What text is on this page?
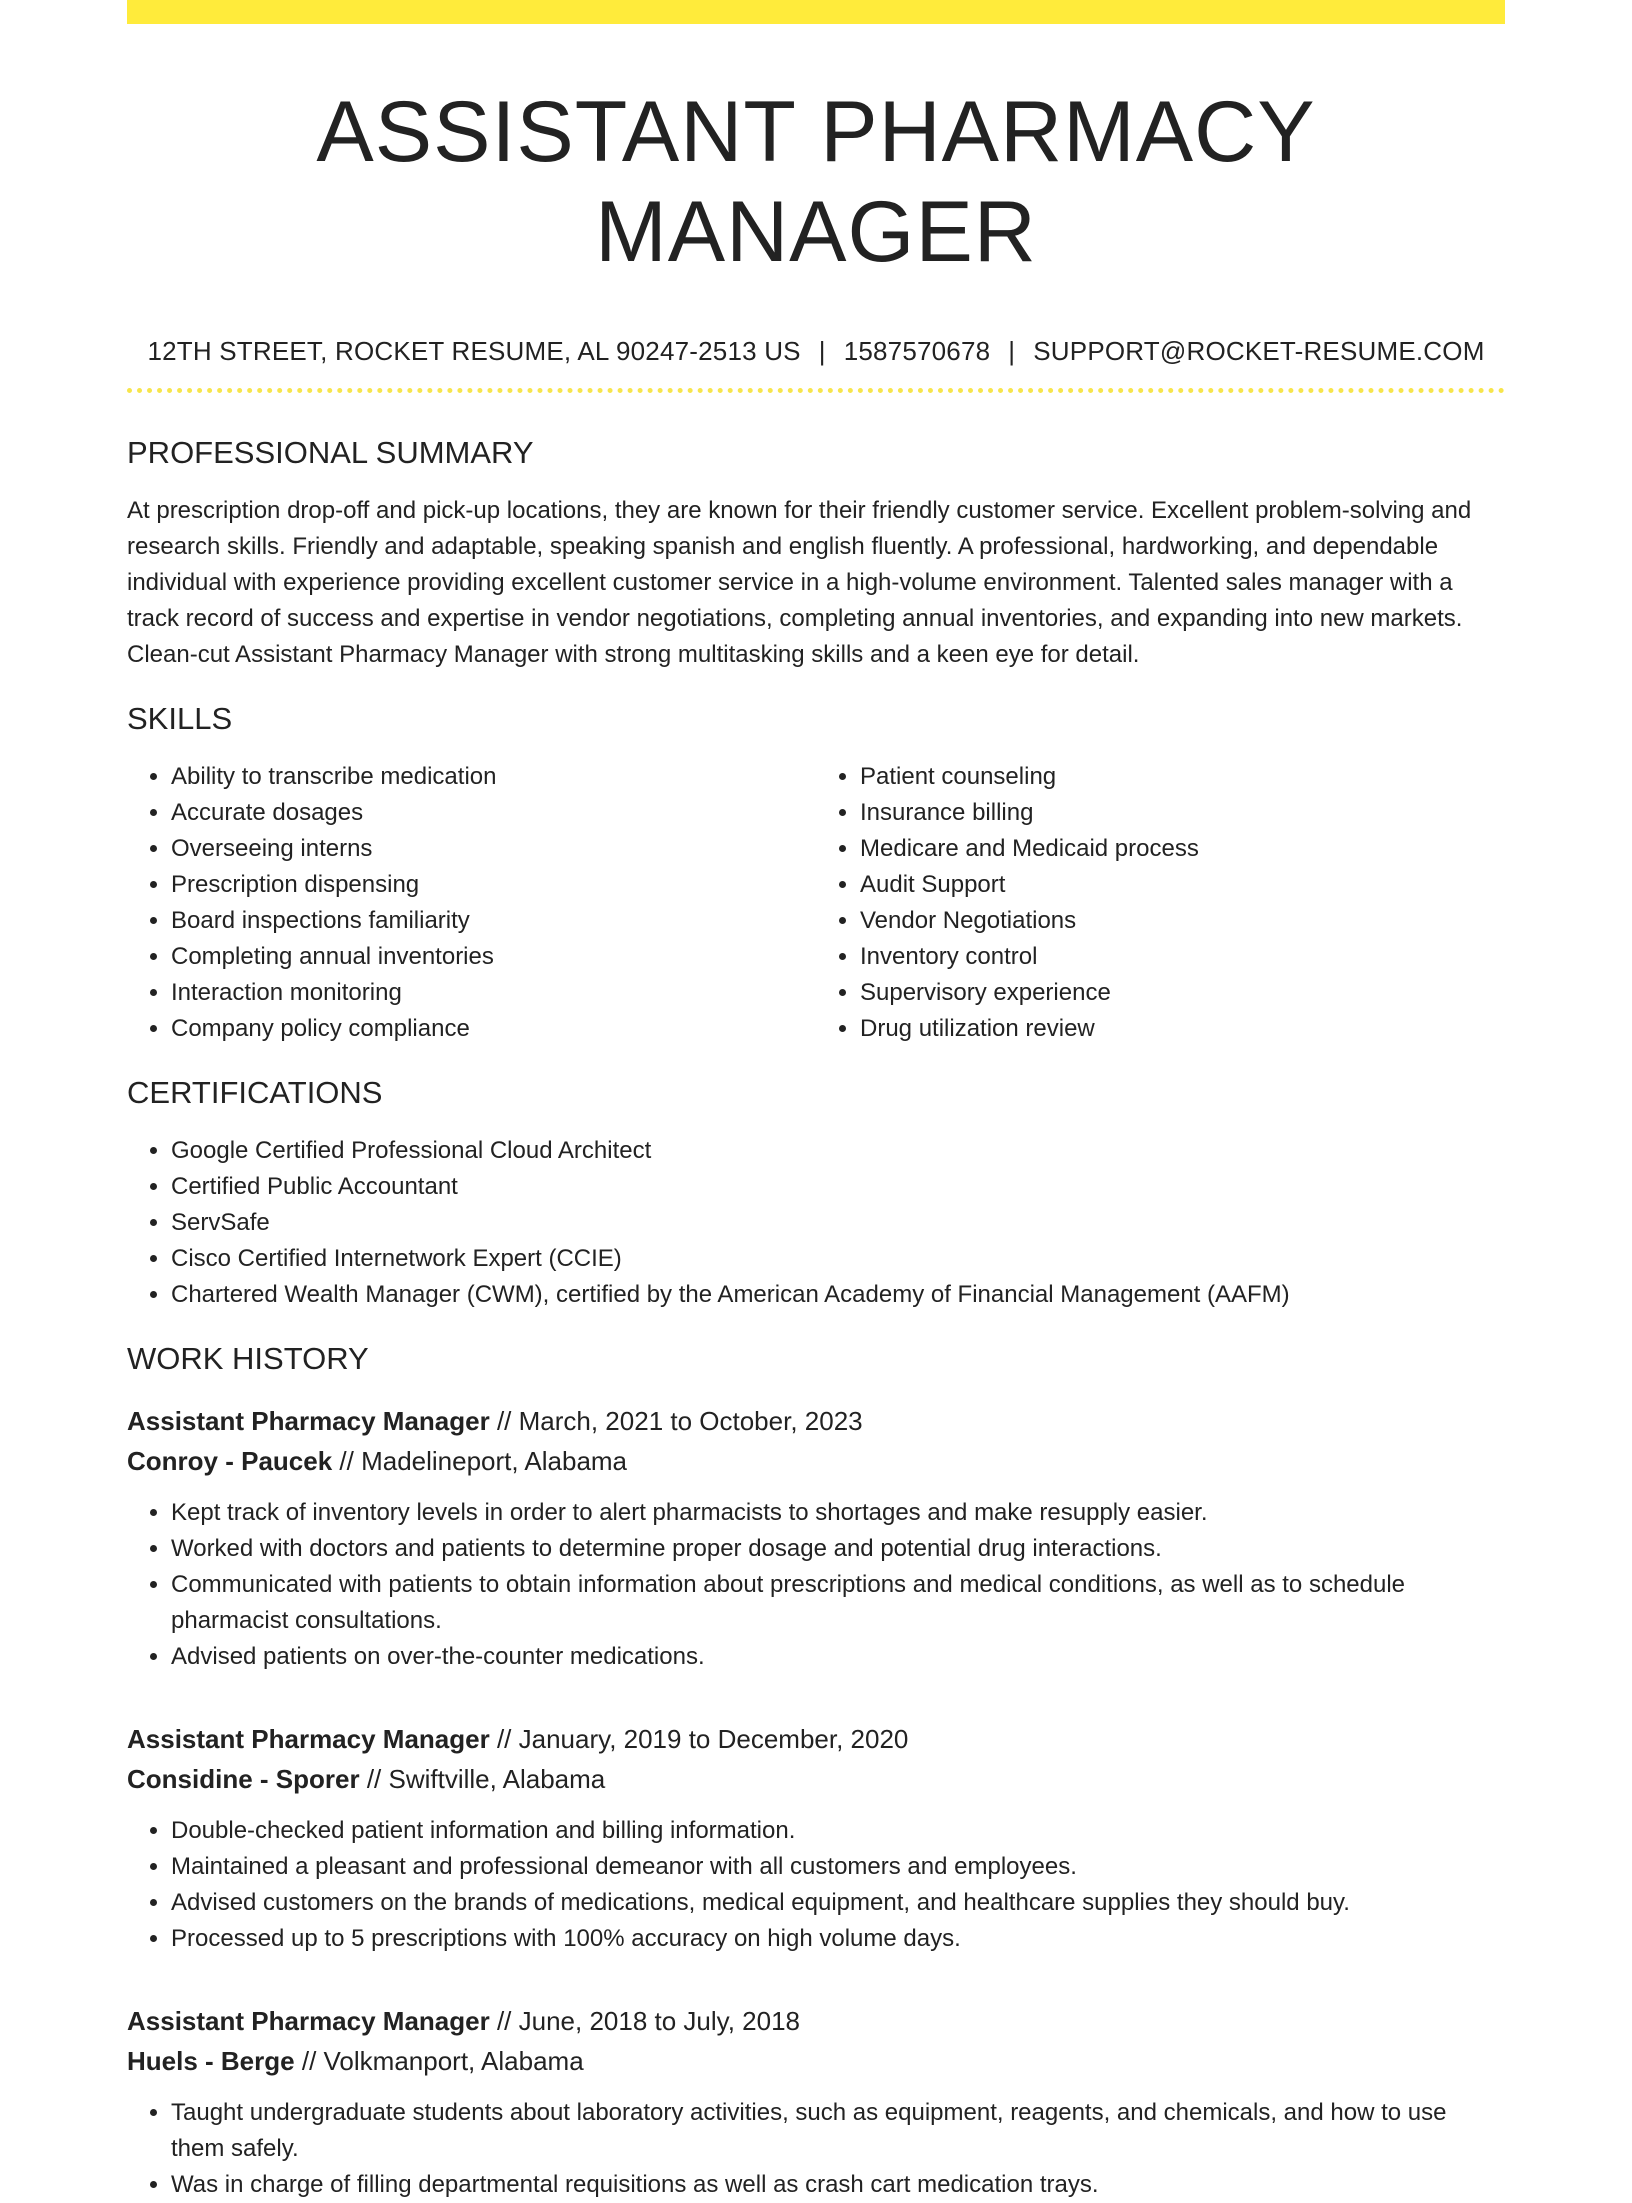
ASSISTANT PHARMACY MANAGER
12TH STREET, ROCKET RESUME, AL 90247-2513 US | 1587570678 | SUPPORT@ROCKET-RESUME.COM
PROFESSIONAL SUMMARY
At prescription drop-off and pick-up locations, they are known for their friendly customer service. Excellent problem-solving and research skills. Friendly and adaptable, speaking spanish and english fluently. A professional, hardworking, and dependable individual with experience providing excellent customer service in a high-volume environment. Talented sales manager with a track record of success and expertise in vendor negotiations, completing annual inventories, and expanding into new markets. Clean-cut Assistant Pharmacy Manager with strong multitasking skills and a keen eye for detail.
SKILLS
• Ability to transcribe medication
• Accurate dosages
• Overseeing interns
• Prescription dispensing
• Board inspections familiarity
• Completing annual inventories
• Interaction monitoring
• Company policy compliance
• Patient counseling
• Insurance billing
• Medicare and Medicaid process
• Audit Support
• Vendor Negotiations
• Inventory control
• Supervisory experience
• Drug utilization review
CERTIFICATIONS
• Google Certified Professional Cloud Architect
• Certified Public Accountant
• ServSafe
• Cisco Certified Internetwork Expert (CCIE)
• Chartered Wealth Manager (CWM), certified by the American Academy of Financial Management (AAFM)
WORK HISTORY
Assistant Pharmacy Manager // March, 2021 to October, 2023
Conroy - Paucek // Madelineport, Alabama
• Kept track of inventory levels in order to alert pharmacists to shortages and make resupply easier.
• Worked with doctors and patients to determine proper dosage and potential drug interactions.
• Communicated with patients to obtain information about prescriptions and medical conditions, as well as to schedule pharmacist consultations.
• Advised patients on over-the-counter medications.
Assistant Pharmacy Manager // January, 2019 to December, 2020
Considine - Sporer // Swiftville, Alabama
• Double-checked patient information and billing information.
• Maintained a pleasant and professional demeanor with all customers and employees.
• Advised customers on the brands of medications, medical equipment, and healthcare supplies they should buy.
• Processed up to 5 prescriptions with 100% accuracy on high volume days.
Assistant Pharmacy Manager // June, 2018 to July, 2018
Huels - Berge // Volkmanport, Alabama
• Taught undergraduate students about laboratory activities, such as equipment, reagents, and chemicals, and how to use them safely.
• Was in charge of filling departmental requisitions as well as crash cart medication trays.
